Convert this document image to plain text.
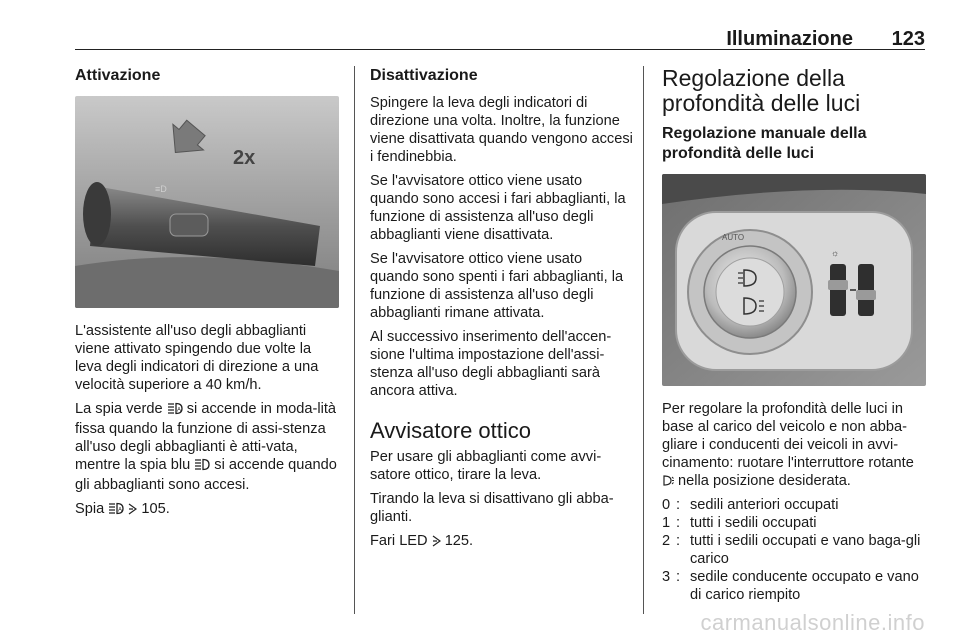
Illuminazione 123
Attivazione
≡D
2x

L'assistente all'uso degli abbaglianti viene attivato spingendo due volte la leva degli indicatori di direzione a una velocità superiore a 40 km/h.

La spia verde A si accende in moda-lità fissa quando la funzione di assi-stenza all'uso degli abbaglianti è atti-vata, mentre la spia blu  si accende quando gli abbaglianti sono accesi.

Spia A 105.

Disattivazione

Spingere la leva degli indicatori di direzione una volta. Inoltre, la funzione viene disattivata quando vengono accesi i fendinebbia.

Se l'avvisatore ottico viene usato quando sono accesi i fari abbaglianti, la funzione di assistenza all'uso degli abbaglianti viene disattivata.

Se l'avvisatore ottico viene usato quando sono spenti i fari abbaglianti, la funzione di assistenza all'uso degli abbaglianti rimane attivata.

Al successivo inserimento dell'accen-sione l'ultima impostazione dell'assi-stenza all'uso degli abbaglianti sarà ancora attiva.

Avvisatore ottico

Per usare gli abbaglianti come avvi-satore ottico, tirare la leva.

Tirando la leva si disattivano gli abba-glianti.

Fari LED  125.

Regolazione della profondità delle luci
Regolazione manuale della profondità delle luci
AUTO
☼

Per regolare la profondità delle luci in base al carico del veicolo e non abba-gliare i conducenti dei veicoli in avvi-cinamento: ruotare l'interruttore rotante  nella posizione desiderata.

0 : sedili anteriori occupati
1 : tutti i sedili occupati
2 : tutti i sedili occupati e vano baga-gli carico
3 : sedile conducente occupato e vano di carico riempito
carmanualsonline.info
